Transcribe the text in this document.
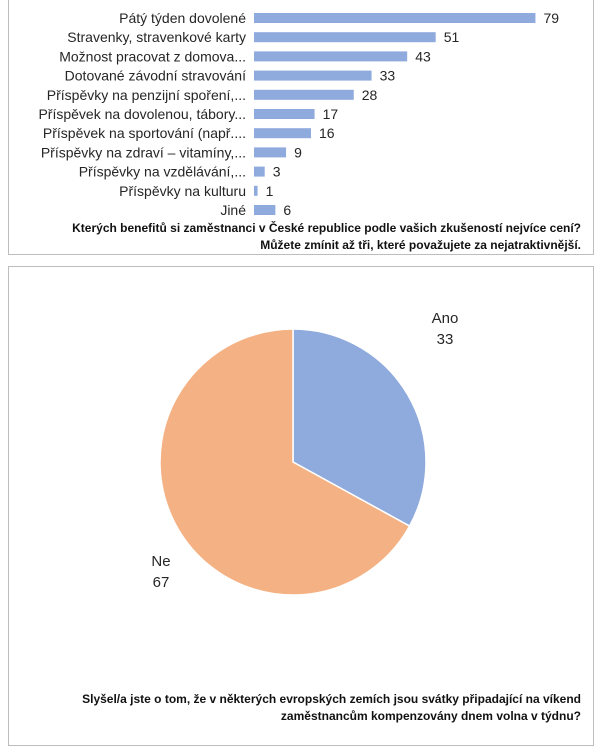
Pátý týden dovolené	79
Stravenky, stravenkové karty	51
Možnost pracovat z domova...	43
Dotované závodní stravování	33
Příspěvky na penzijní spoření,...	28
Příspěvek na dovolenou, tábory...	17
Příspěvek na sportování (např....	16
Příspěvky na zdraví – vitamíny,...	9
Příspěvky na vzdělávání,... 3
Příspěvky na kulturu 1
Jiné	6
Kterých benefitů si zaměstnanci v České republice podle vašich zkušeností nejvíce cení?
Můžete zmínit až tři, které považujete za nejatraktivnější.
Ano
33
Ne
67
Slyšel/a jste o tom, že v některých evropských zemích jsou svátky připadající na víkend
zaměstnancům kompenzovány dnem volna v týdnu?
